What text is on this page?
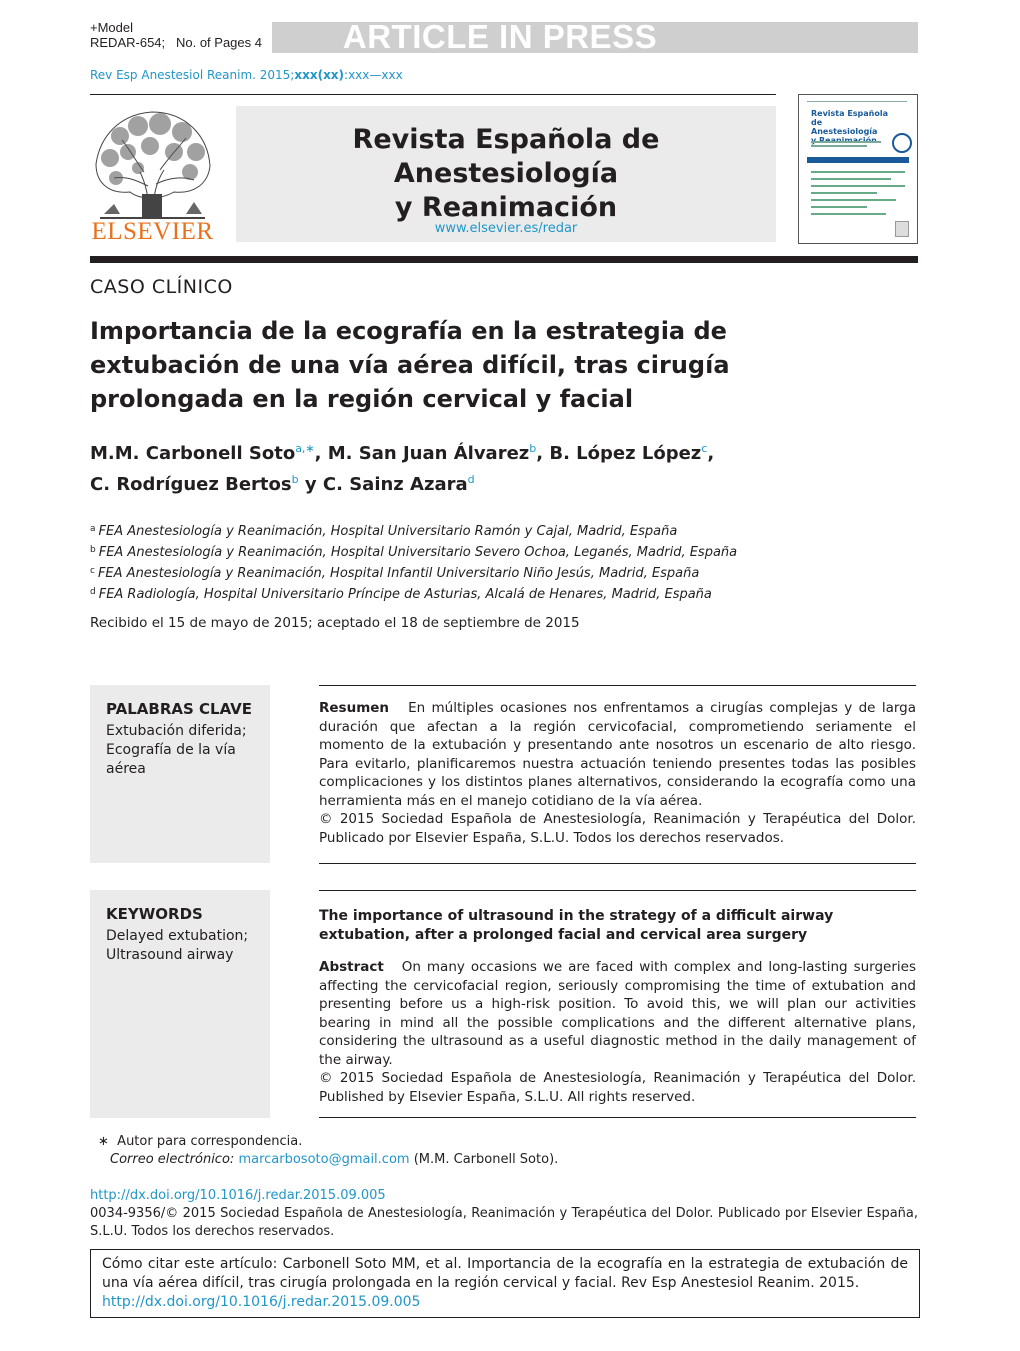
+Model
REDAR-654; No. of Pages 4	ARTICLE IN PRESS
Rev Esp Anestesiol Reanim. 2015;xxx(xx):xxx—xxx
ELSEVIER
Revista Española de Anestesiología
y Reanimación
www.elsevier.es/redar
Revista Española
de Anestesiología
CASO CLÍNICO
Importancia de la ecografía en la estrategia de extubación de una vía aérea difícil, tras cirugía prolongada en la región cervical y facial
M.M. Carbonell Soto$^{a,∗}$, M. San Juan Álvarez$^b$, B. López López$^c$,
C. Rodríguez Bertos$^b$ y C. Sainz Azara$^d$
$^a$ FEA Anestesiología y Reanimación, Hospital Universitario Ramón y Cajal, Madrid, España
$^b$ FEA Anestesiología y Reanimación, Hospital Universitario Severo Ochoa, Leganés, Madrid, España
$^c$ FEA Anestesiología y Reanimación, Hospital Infantil Universitario Niño Jesús, Madrid, España
$^d$ FEA Radiología, Hospital Universitario Príncipe de Asturias, Alcalá de Henares, Madrid, España
Recibido el 15 de mayo de 2015; aceptado el 18 de septiembre de 2015
PALABRAS CLAVE
Extubación diferida;
Ecografía de la vía
aérea
Resumen En múltiples ocasiones nos enfrentamos a cirugías complejas y de larga duración que afectan a la región cervicofacial, comprometiendo seriamente el momento de la extubación y presentando ante nosotros un escenario de alto riesgo. Para evitarlo, planificaremos nuestra actuación teniendo presentes todas las posibles complicaciones y los distintos planes alternativos, considerando la ecografía como una herramienta más en el manejo cotidiano de la vía aérea.
© 2015 Sociedad Española de Anestesiología, Reanimación y Terapéutica del Dolor. Publicado por Elsevier España, S.L.U. Todos los derechos reservados.
KEYWORDS
Delayed extubation;
Ultrasound airway
The importance of ultrasound in the strategy of a difficult airway extubation, after a prolonged facial and cervical area surgery
Abstract On many occasions we are faced with complex and long-lasting surgeries affecting the cervicofacial region, seriously compromising the time of extubation and presenting before us a high-risk position. To avoid this, we will plan our activities bearing in mind all the possible complications and the different alternative plans, considering the ultrasound as a useful diagnostic method in the daily management of the airway.
© 2015 Sociedad Española de Anestesiología, Reanimación y Terapéutica del Dolor. Published by Elsevier España, S.L.U. All rights reserved.
∗  Autor para correspondencia.
Correo electrónico: marcarbosoto@gmail.com (M.M. Carbonell Soto).
http://dx.doi.org/10.1016/j.redar.2015.09.005
0034-9356/© 2015 Sociedad Española de Anestesiología, Reanimación y Terapéutica del Dolor. Publicado por Elsevier España, S.L.U. Todos los derechos reservados.
Cómo citar este artículo: Carbonell Soto MM, et al. Importancia de la ecografía en la estrategia de extubación de una vía aérea difícil, tras cirugía prolongada en la región cervical y facial. Rev Esp Anestesiol Reanim. 2015.
http://dx.doi.org/10.1016/j.redar.2015.09.005
